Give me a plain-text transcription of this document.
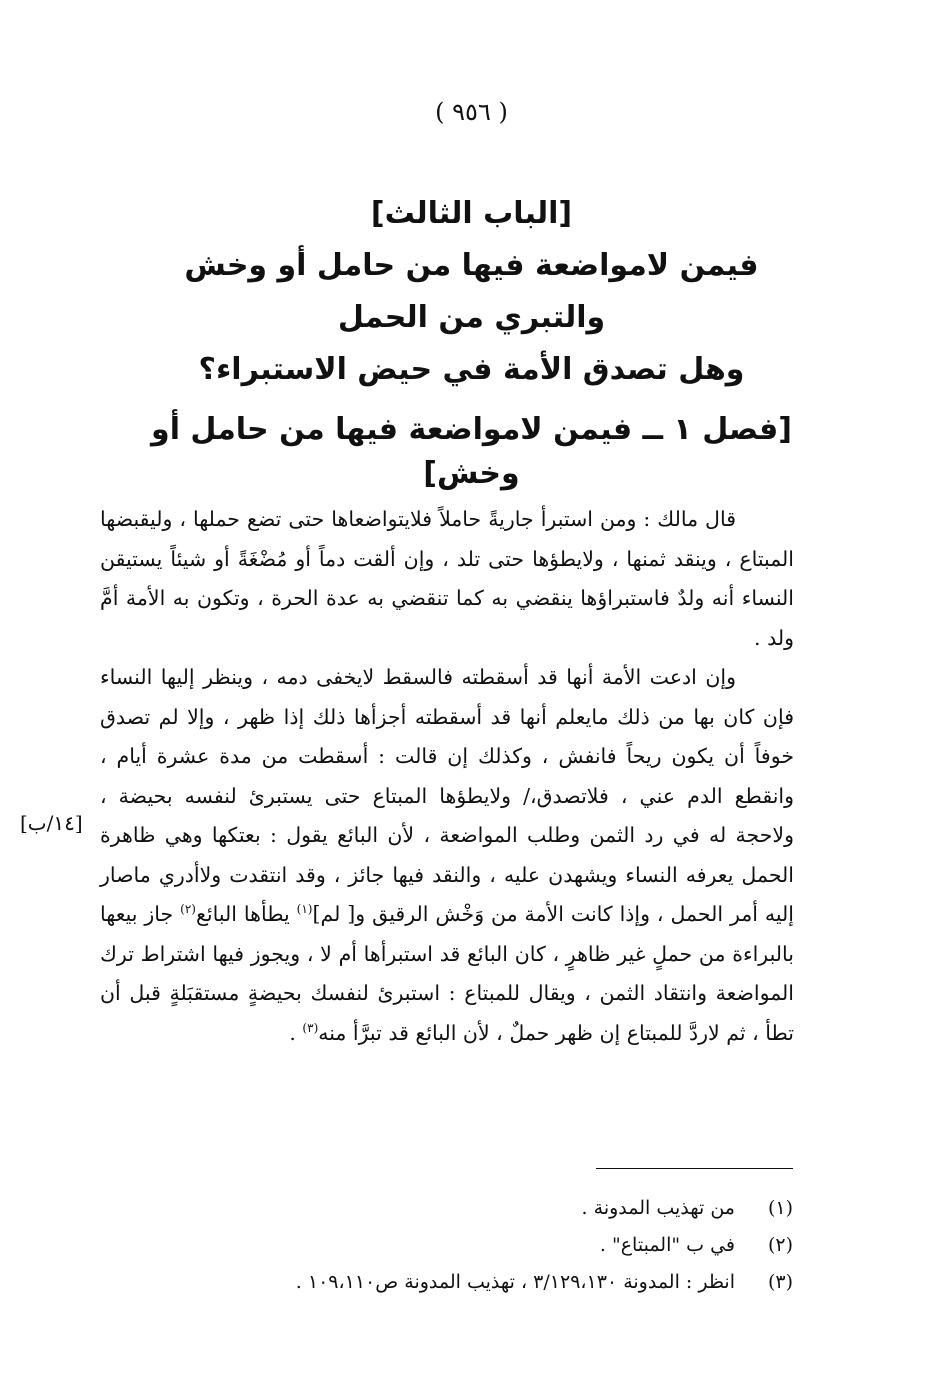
( ٩٥٦ )
[الباب الثالث]
فيمن لامواضعة فيها من حامل أو وخش
والتبري من الحمل
وهل تصدق الأمة في حيض الاستبراء؟
[فصل ١ ــ فيمن لامواضعة فيها من حامل أو وخش]

قال مالك : ومن استبرأ جاريةً حاملاً فلايتواضعاها حتى تضع حملها ، وليقبضها المبتاع ، وينقد ثمنها ، ولايطؤها حتى تلد ، وإن ألقت دماً أو مُضْغَةً أو شيئاً يستيقن النساء أنه ولدٌ فاستبراؤها ينقضي به كما تنقضي به عدة الحرة ، وتكون به الأمة أمَّ ولد .

وإن ادعت الأمة أنها قد أسقطته فالسقط لايخفى دمه ، وينظر إليها النساء فإن كان بها من ذلك مايعلم أنها قد أسقطته أجزأها ذلك إذا ظهر ، وإلا لم تصدق خوفاً أن يكون ريحاً فانفش ، وكذلك إن قالت : أسقطت من مدة عشرة أيام ، وانقطع الدم عني ، فلاتصدق،/ ولايطؤها المبتاع حتى يستبرئ لنفسه بحيضة ، ولاحجة له في رد الثمن وطلب المواضعة ، لأن البائع يقول : بعتكها وهي ظاهرة الحمل يعرفه النساء ويشهدن عليه ، والنقد فيها جائز ، وقد انتقدت ولاأدري ماصار إليه أمر الحمل ، وإذا كانت الأمة من وَخْش الرقيق و[ لم]$^{(١)}$ يطأها البائع$^{(٢)}$ جاز بيعها بالبراءة من حملٍ غير ظاهرٍ ، كان البائع قد استبرأها أم لا ، ويجوز فيها اشتراط ترك المواضعة وانتقاد الثمن ، ويقال للمبتاع : استبرئ لنفسك بحيضةٍ مستقبَلةٍ قبل أن تطأ ، ثم لاردَّ للمبتاع إن ظهر حملٌ ، لأن البائع قد تبرَّأ منه$^{(٣)}$ .

[١٤/ب]
(١)
من تهذيب المدونة .
(٢)
في ب "المبتاع" .
(٣)
انظر : المدونة ٣/١٢٩،١٣٠ ، تهذيب المدونة ص١٠٩،١١٠ .
